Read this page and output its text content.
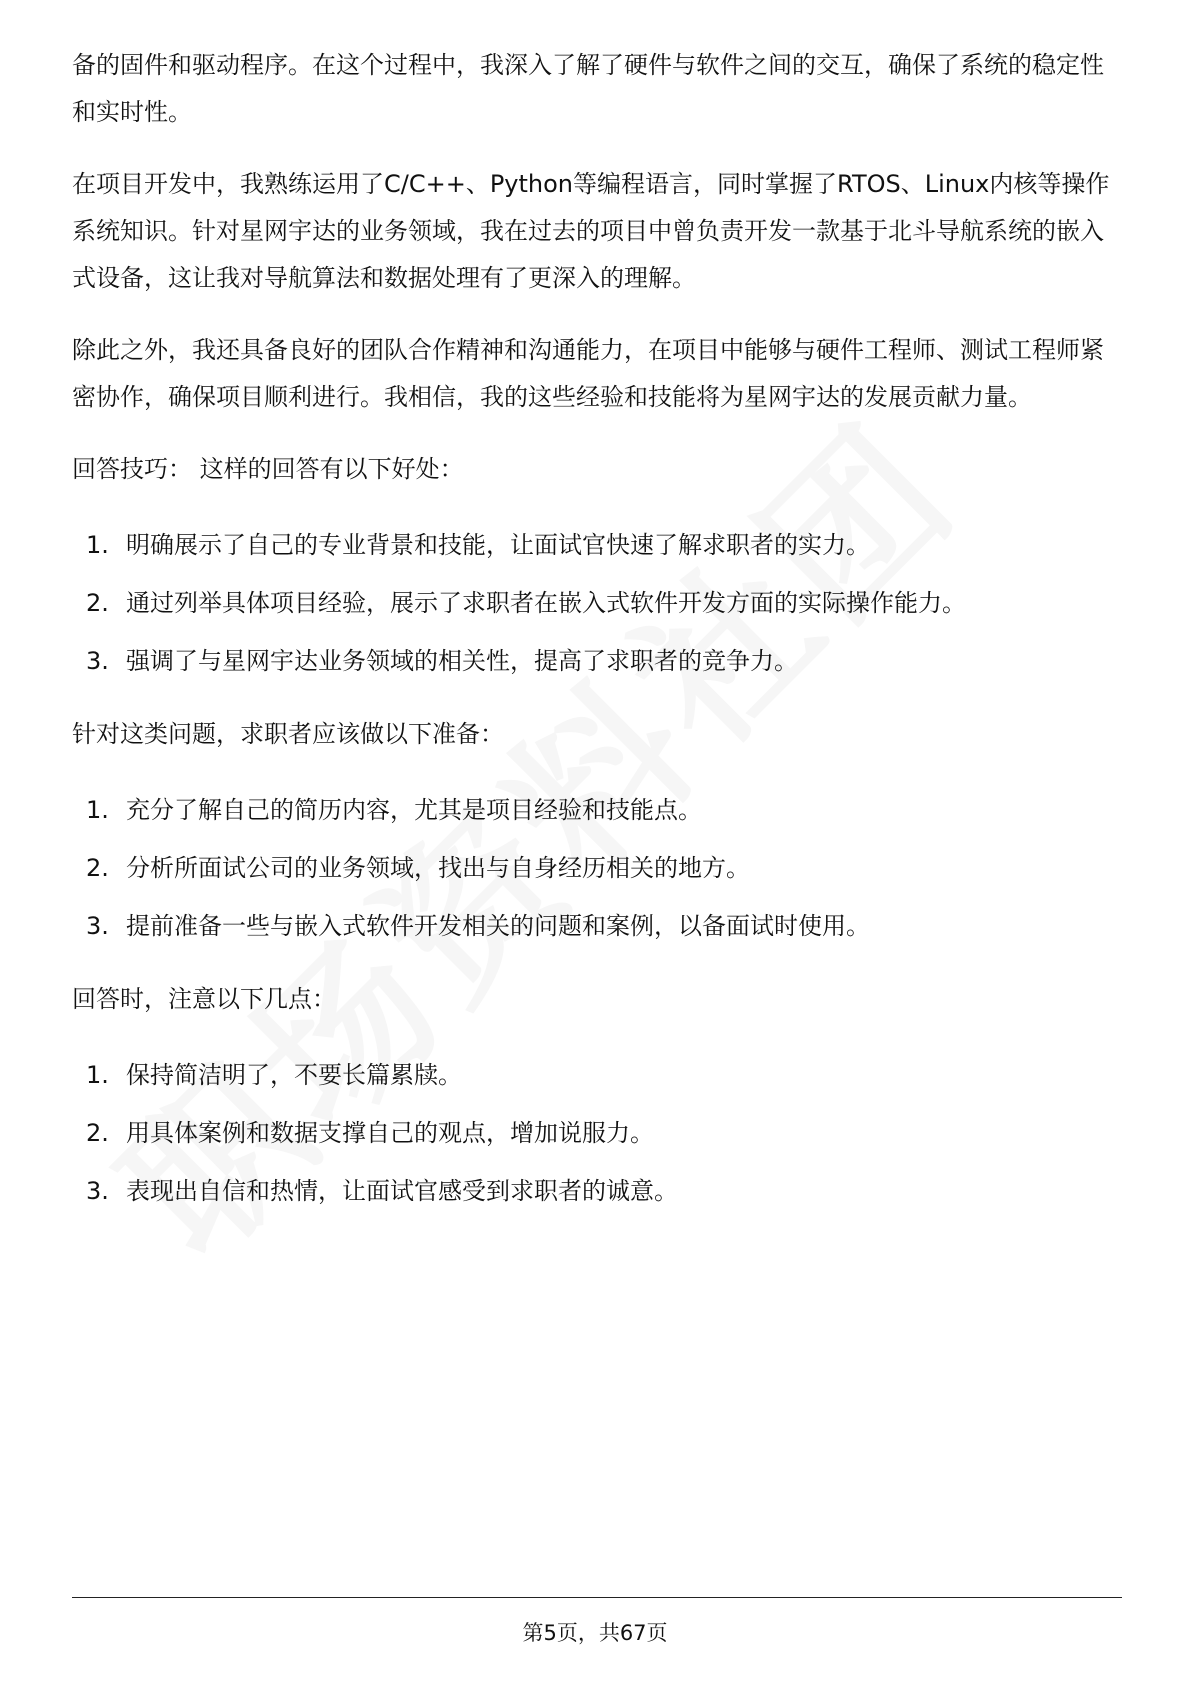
备的固件和驱动程序。在这个过程中，我深入了解了硬件与软件之间的交互，确保了系统的稳定性和实时性。

在项目开发中，我熟练运用了C/C++、Python等编程语言，同时掌握了RTOS、Linux内核等操作系统知识。针对星网宇达的业务领域，我在过去的项目中曾负责开发一款基于北斗导航系统的嵌入式设备，这让我对导航算法和数据处理有了更深入的理解。

除此之外，我还具备良好的团队合作精神和沟通能力，在项目中能够与硬件工程师、测试工程师紧密协作，确保项目顺利进行。我相信，我的这些经验和技能将为星网宇达的发展贡献力量。

回答技巧： 这样的回答有以下好处：

1. 明确展示了自己的专业背景和技能，让面试官快速了解求职者的实力。
2. 通过列举具体项目经验，展示了求职者在嵌入式软件开发方面的实际操作能力。
3. 强调了与星网宇达业务领域的相关性，提高了求职者的竞争力。

针对这类问题，求职者应该做以下准备：

1. 充分了解自己的简历内容，尤其是项目经验和技能点。
2. 分析所面试公司的业务领域，找出与自身经历相关的地方。
3. 提前准备一些与嵌入式软件开发相关的问题和案例，以备面试时使用。

回答时，注意以下几点：

1. 保持简洁明了，不要长篇累牍。
2. 用具体案例和数据支撑自己的观点，增加说服力。
3. 表现出自信和热情，让面试官感受到求职者的诚意。
第5页，共67页
